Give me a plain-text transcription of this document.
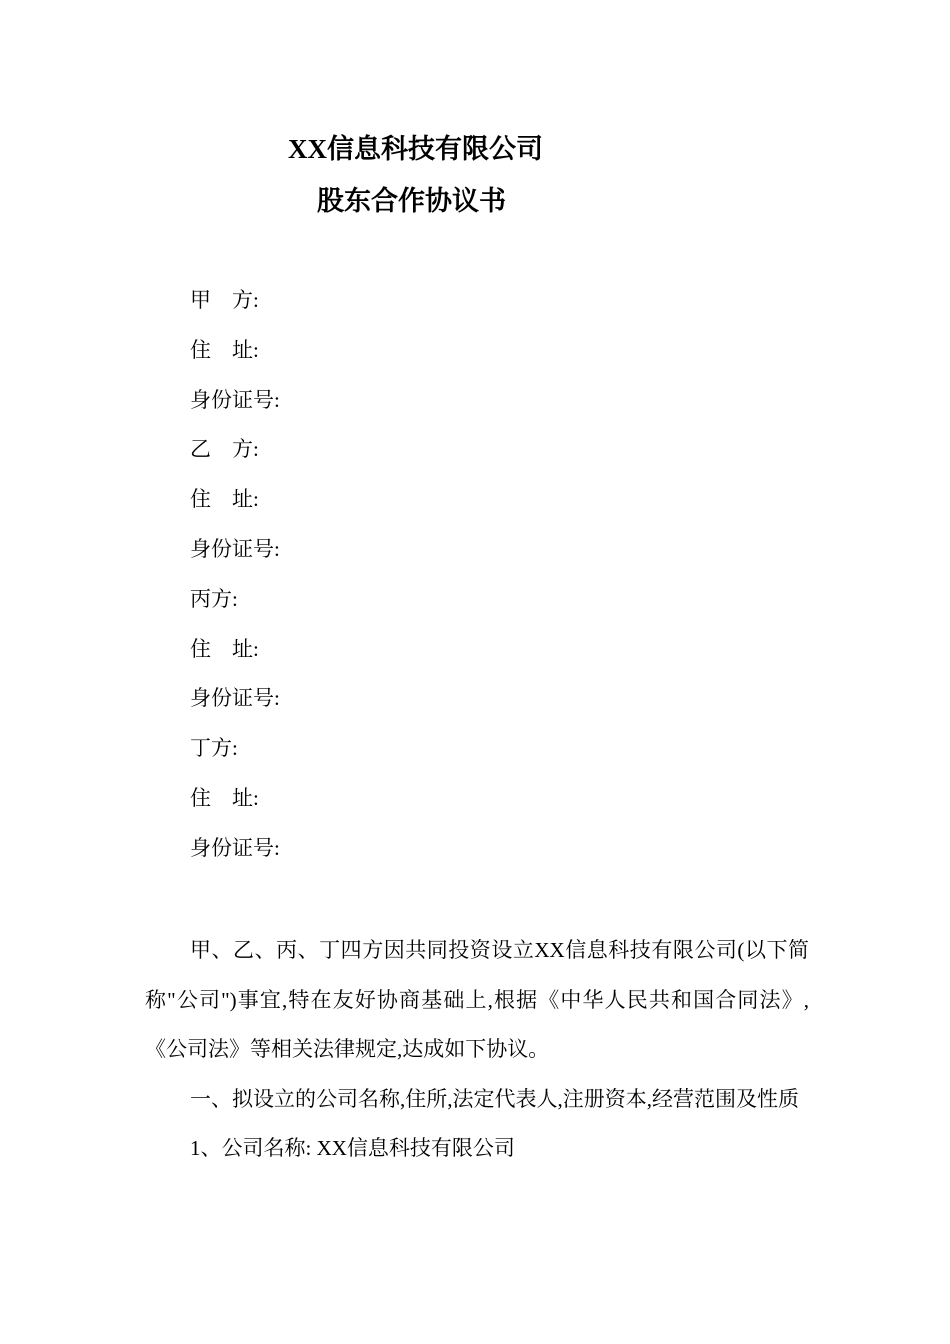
XX信息科技有限公司
股东合作协议书
甲　方:
住　址:
身份证号:
乙　方:
住　址:
身份证号:
丙方:
住　址:
身份证号:
丁方:
住　址:
身份证号:

甲、乙、丙、丁四方因共同投资设立XX信息科技有限公司(以下简称"公司")事宜,特在友好协商基础上,根据《中华人民共和国合同法》,《公司法》等相关法律规定,达成如下协议。

一、拟设立的公司名称,住所,法定代表人,注册资本,经营范围及性质

1、公司名称: XX信息科技有限公司
